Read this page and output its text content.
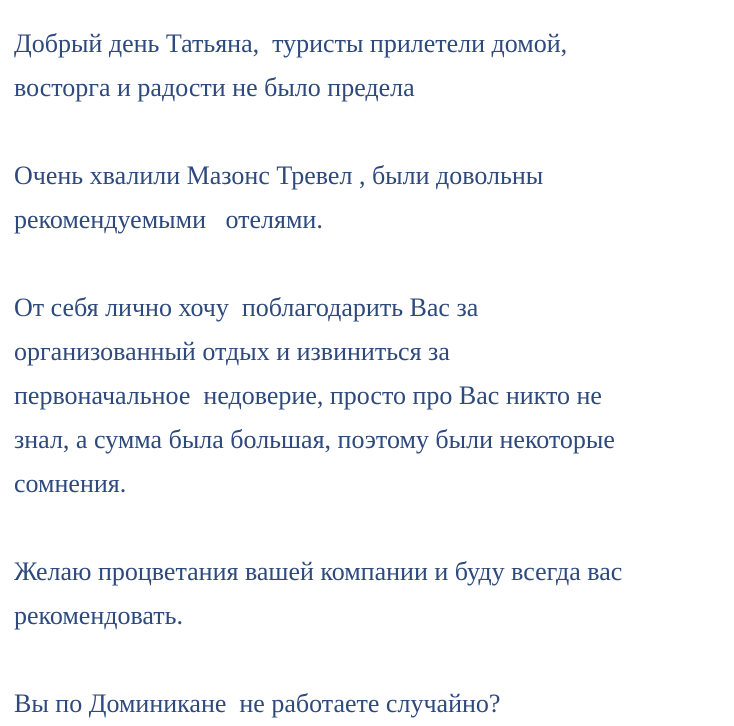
Добрый день Татьяна,  туристы прилетели домой,
восторга и радости не было предела

Очень хвалили Мазонс Тревел , были довольны
рекомендуемыми   отелями.

От себя лично хочу  поблагодарить Вас за
организованный отдых и извиниться за
первоначальное  недоверие, просто про Вас никто не
знал, а сумма была большая, поэтому были некоторые
сомнения.

Желаю процветания вашей компании и буду всегда вас
рекомендовать.

Вы по Доминикане  не работаете случайно?
